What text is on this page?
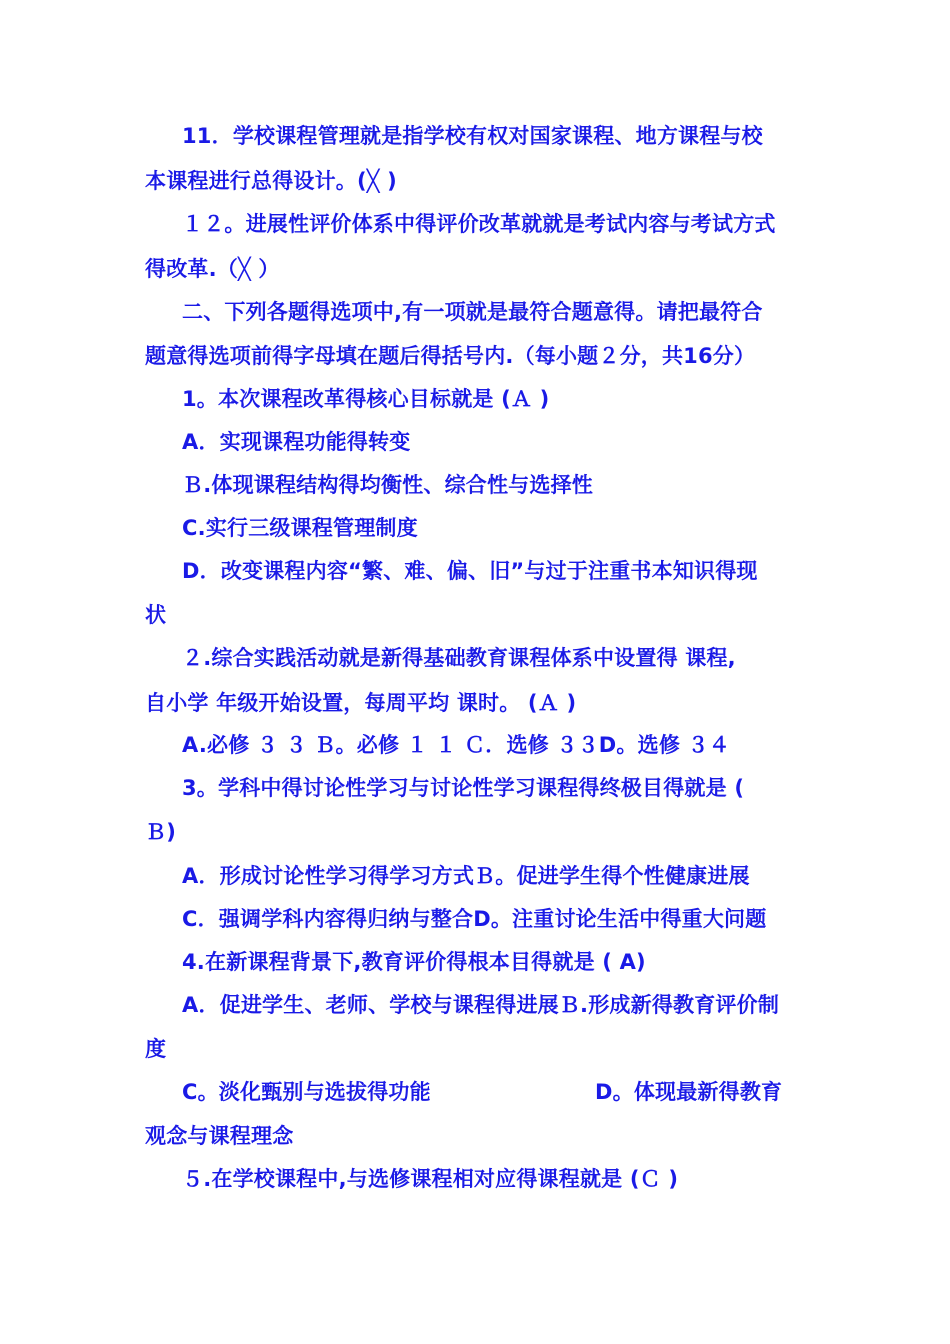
11．学校课程管理就是指学校有权对国家课程、地方课程与校
本课程进行总得设计。(╳ )
１２。进展性评价体系中得评价改革就就是考试内容与考试方式
得改革.（╳ ）
二、下列各题得选项中,有一项就是最符合题意得。请把最符合
题意得选项前得字母填在题后得括号内.（每小题２分，共16分）
1。本次课程改革得核心目标就是 (Ａ )
A．实现课程功能得转变
Ｂ.体现课程结构得均衡性、综合性与选择性
C.实行三级课程管理制度
D．改变课程内容“繁、难、偏、旧”与过于注重书本知识得现
状
２.综合实践活动就是新得基础教育课程体系中设置得 课程,
自小学 年级开始设置，每周平均 课时。 (Ａ )
A.必修 ３ ３ Ｂ。必修 １ １ Ｃ．选修 ３３D。选修 ３４
3。学科中得讨论性学习与讨论性学习课程得终极目得就是 (
Ｂ)
A．形成讨论性学习得学习方式Ｂ。促进学生得个性健康进展
C．强调学科内容得归纳与整合D。注重讨论生活中得重大问题
4.在新课程背景下,教育评价得根本目得就是 ( A)
A．促进学生、老师、学校与课程得进展Ｂ.形成新得教育评价制
度
C。淡化甄别与选拔得功能	D。体现最新得教育
观念与课程理念
５.在学校课程中,与选修课程相对应得课程就是 (Ｃ )
